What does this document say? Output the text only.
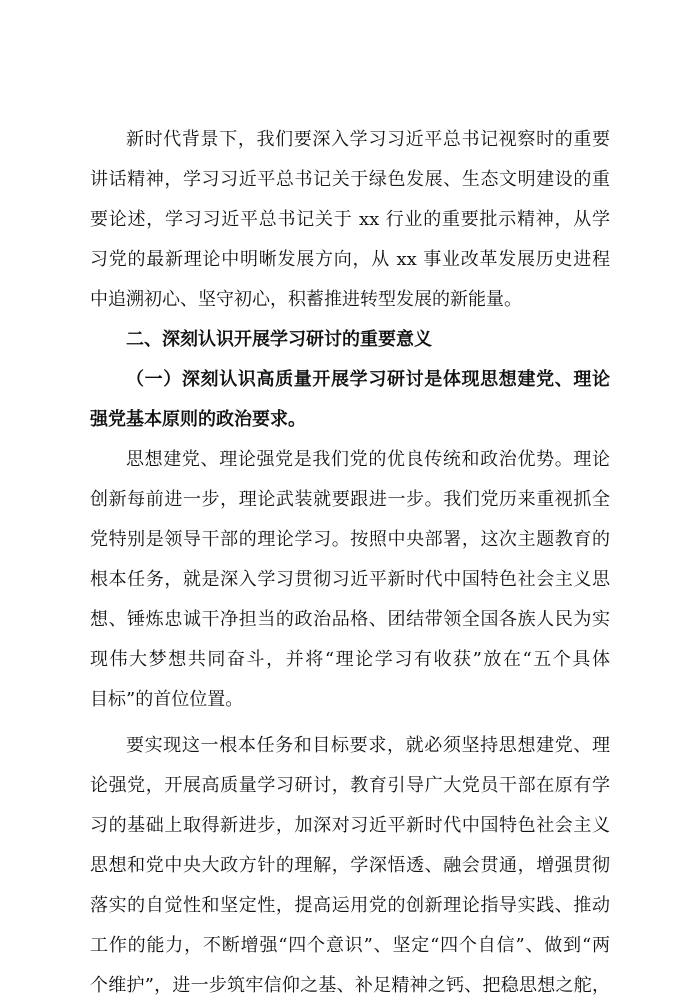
新时代背景下，我们要深入学习习近平总书记视察时的重要
讲话精神，学习习近平总书记关于绿色发展、生态文明建设的重
要论述，学习习近平总书记关于 xx 行业的重要批示精神，从学
习党的最新理论中明晰发展方向，从 xx 事业改革发展历史进程
中追溯初心、坚守初心，积蓄推进转型发展的新能量。
二、深刻认识开展学习研讨的重要意义
（一）深刻认识高质量开展学习研讨是体现思想建党、理论
强党基本原则的政治要求。
思想建党、理论强党是我们党的优良传统和政治优势。理论
创新每前进一步，理论武装就要跟进一步。我们党历来重视抓全
党特别是领导干部的理论学习。按照中央部署，这次主题教育的
根本任务，就是深入学习贯彻习近平新时代中国特色社会主义思
想、锤炼忠诚干净担当的政治品格、团结带领全国各族人民为实
现伟大梦想共同奋斗，并将“理论学习有收获”放在“五个具体
目标”的首位位置。
要实现这一根本任务和目标要求，就必须坚持思想建党、理
论强党，开展高质量学习研讨，教育引导广大党员干部在原有学
习的基础上取得新进步，加深对习近平新时代中国特色社会主义
思想和党中央大政方针的理解，学深悟透、融会贯通，增强贯彻
落实的自觉性和坚定性，提高运用党的创新理论指导实践、推动
工作的能力，不断增强“四个意识”、坚定“四个自信”、做到“两
个维护”，进一步筑牢信仰之基、补足精神之钙、把稳思想之舵，
